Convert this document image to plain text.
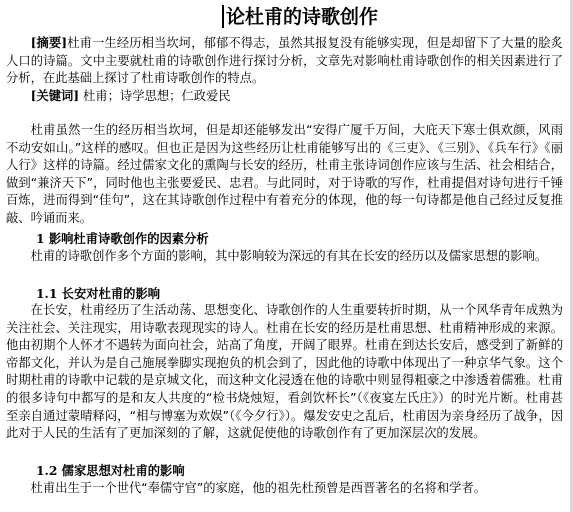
论杜甫的诗歌创作
[摘要]杜甫一生经历相当坎坷，郁郁不得志，虽然其报复没有能够实现，但是却留下了大量的脍炙人口的诗篇。文中主要就杜甫的诗歌创作进行探讨分析，文章先对影响杜甫诗歌创作的相关因素进行了分析，在此基础上探讨了杜甫诗歌创作的特点。
[关键词] 杜甫；诗学思想；仁政爱民
杜甫虽然一生的经历相当坎坷，但是却还能够发出“安得广厦千万间，大庇天下寒士俱欢颜，风雨不动安如山。”这样的感叹。但也正是因为这些经历让杜甫能够写出的《三吏》、《三别》、《兵车行》《丽人行》这样的诗篇。经过儒家文化的熏陶与长安的经历，杜甫主张诗词创作应该与生活、社会相结合，做到“兼济天下”，同时他也主张要爱民、忠君。与此同时，对于诗歌的写作，杜甫提倡对诗句进行千锤百炼，进而得到“佳句”，这在其诗歌创作过程中有着充分的体现，他的每一句诗都是他自己经过反复推敲、吟诵而来。
1 影响杜甫诗歌创作的因素分析
杜甫的诗歌创作多个方面的影响，其中影响较为深远的有其在长安的经历以及儒家思想的影响。
1.1 长安对杜甫的影响
在长安，杜甫经历了生活动荡、思想变化、诗歌创作的人生重要转折时期，从一个风华青年成熟为关注社会、关注现实，用诗歌表现现实的诗人。杜甫在长安的经历是杜甫思想、杜甫精神形成的来源。他由初期个人怀才不遇转为面向社会，站高了角度，开阔了眼界。杜甫在到达长安后，感受到了新鲜的帝都文化，并认为是自己施展拳脚实现抱负的机会到了，因此他的诗歌中体现出了一种京华气象。这个时期杜甫的诗歌中记载的是京城文化，而这种文化浸透在他的诗歌中则显得粗豪之中渗透着儒雅。杜甫的很多诗句中都写的是和友人共度的“检书烧烛短，看剑饮杯长”（《夜宴左氏庄》）的时光片断。杜甫甚至亲自通过蒙晴释闷，“相与博塞为欢娱”（《今夕行》）。爆发安史之乱后，杜甫因为亲身经历了战争，因此对于人民的生活有了更加深刻的了解，这就促使他的诗歌创作有了更加深层次的发展。
1.2 儒家思想对杜甫的影响
杜甫出生于一个世代“奉儒守官”的家庭，他的祖先杜预曾是西晋著名的名将和学者。
